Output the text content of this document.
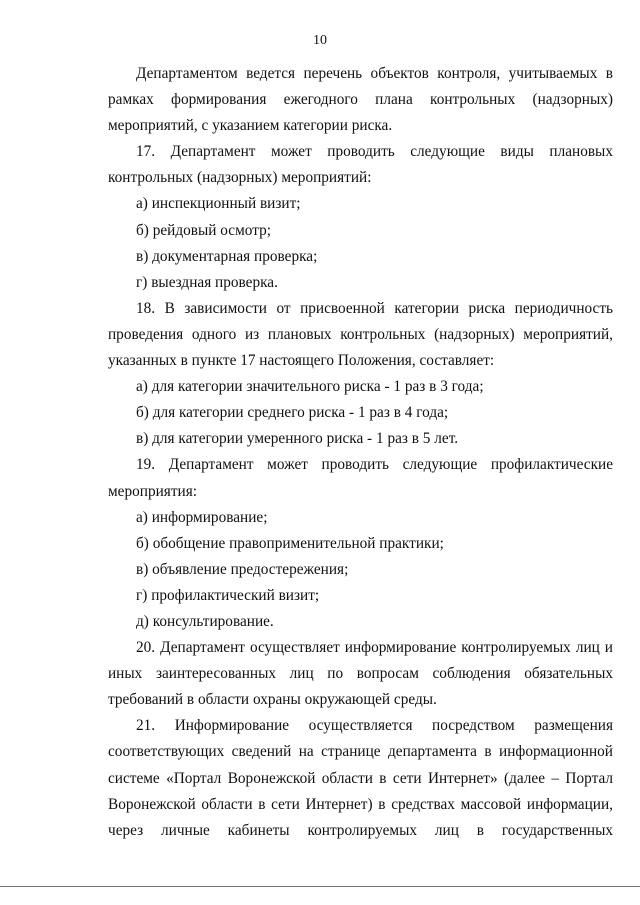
10

Департаментом ведется перечень объектов контроля, учитываемых в рамках формирования ежегодного плана контрольных (надзорных) мероприятий, с указанием категории риска.

17. Департамент может проводить следующие виды плановых контрольных (надзорных) мероприятий:

а) инспекционный визит;

б) рейдовый осмотр;

в) документарная проверка;

г) выездная проверка.

18. В зависимости от присвоенной категории риска периодичность проведения одного из плановых контрольных (надзорных) мероприятий, указанных в пункте 17 настоящего Положения, составляет:

а) для категории значительного риска - 1 раз в 3 года;

б) для категории среднего риска - 1 раз в 4 года;

в) для категории умеренного риска - 1 раз в 5 лет.

19. Департамент может проводить следующие профилактические мероприятия:

а) информирование;

б) обобщение правоприменительной практики;

в) объявление предостережения;

г) профилактический визит;

д) консультирование.

20. Департамент осуществляет информирование контролируемых лиц и иных заинтересованных лиц по вопросам соблюдения обязательных требований в области охраны окружающей среды.

21. Информирование осуществляется посредством размещения соответствующих сведений на странице департамента в информационной системе «Портал Воронежской области в сети Интернет» (далее – Портал Воронежской области в сети Интернет) в средствах массовой информации, через личные кабинеты контролируемых лиц в государственных
